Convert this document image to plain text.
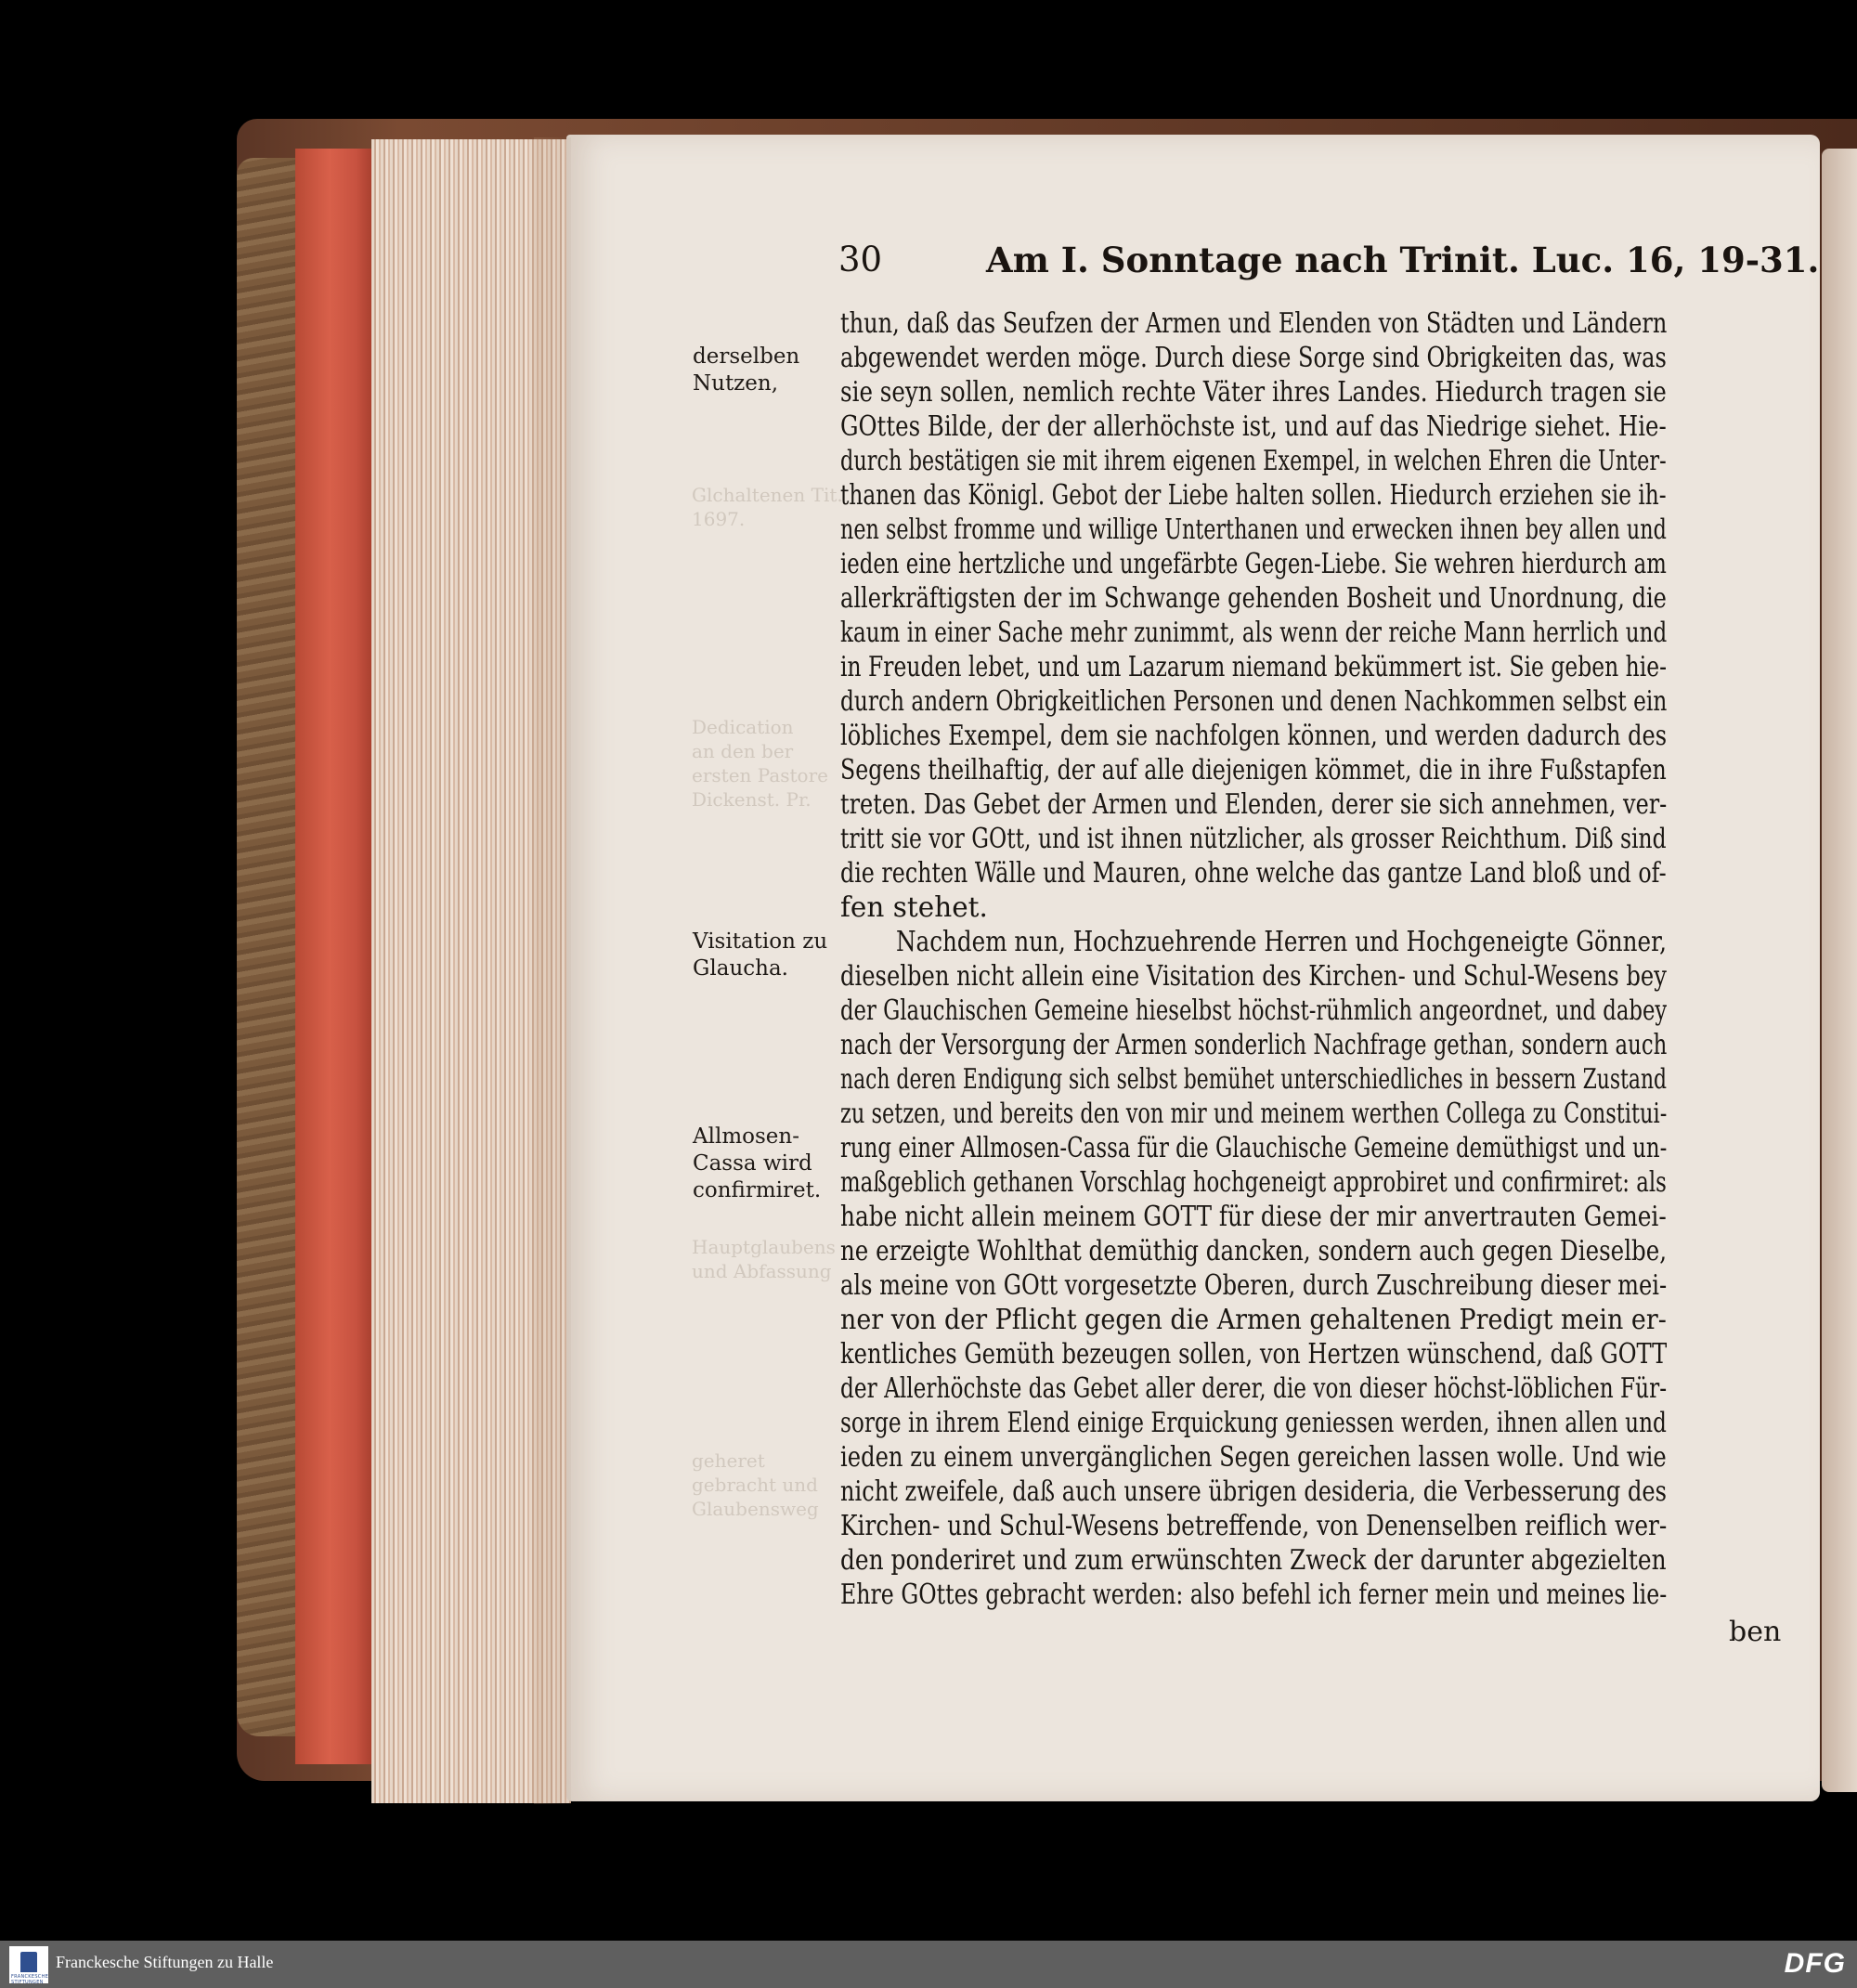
Glchaltenen Tit.
1697.
Dedication
an den ber
ersten Pastore
Dickenst. Pr.
Hauptglaubens
und Abfassung
geheret
gebracht und
Glaubensweg
30	Am I. Sonntage nach Trinit. Luc. 16, 19-31.
derselben
Nutzen,
Visitation zu
Glaucha.
Allmosen-
Cassa wird
confirmiret.
thun, daß das Seufzen der Armen und Elenden von Städten und Ländern
abgewendet werden möge. Durch diese Sorge sind Obrigkeiten das, was
sie seyn sollen, nemlich rechte Väter ihres Landes. Hiedurch tragen sie
GOttes Bilde, der der allerhöchste ist, und auf das Niedrige siehet. Hie-
durch bestätigen sie mit ihrem eigenen Exempel, in welchen Ehren die Unter-
thanen das Königl. Gebot der Liebe halten sollen. Hiedurch erziehen sie ih-
nen selbst fromme und willige Unterthanen und erwecken ihnen bey allen und
ieden eine hertzliche und ungefärbte Gegen-Liebe. Sie wehren hierdurch am
allerkräftigsten der im Schwange gehenden Bosheit und Unordnung, die
kaum in einer Sache mehr zunimmt, als wenn der reiche Mann herrlich und
in Freuden lebet, und um Lazarum niemand bekümmert ist. Sie geben hie-
durch andern Obrigkeitlichen Personen und denen Nachkommen selbst ein
löbliches Exempel, dem sie nachfolgen können, und werden dadurch des
Segens theilhaftig, der auf alle diejenigen kömmet, die in ihre Fußstapfen
treten. Das Gebet der Armen und Elenden, derer sie sich annehmen, ver-
tritt sie vor GOtt, und ist ihnen nützlicher, als grosser Reichthum. Diß sind
die rechten Wälle und Mauren, ohne welche das gantze Land bloß und of-
fen stehet.
Nachdem nun, Hochzuehrende Herren und Hochgeneigte Gönner,
dieselben nicht allein eine Visitation des Kirchen- und Schul-Wesens bey
der Glauchischen Gemeine hieselbst höchst-rühmlich angeordnet, und dabey
nach der Versorgung der Armen sonderlich Nachfrage gethan, sondern auch
nach deren Endigung sich selbst bemühet unterschiedliches in bessern Zustand
zu setzen, und bereits den von mir und meinem werthen Collega zu Constitui-
rung einer Allmosen-Cassa für die Glauchische Gemeine demüthigst und un-
maßgeblich gethanen Vorschlag hochgeneigt approbiret und confirmiret: als
habe nicht allein meinem GOTT für diese der mir anvertrauten Gemei-
ne erzeigte Wohlthat demüthig dancken, sondern auch gegen Dieselbe,
als meine von GOtt vorgesetzte Oberen, durch Zuschreibung dieser mei-
ner von der Pflicht gegen die Armen gehaltenen Predigt mein er-
kentliches Gemüth bezeugen sollen, von Hertzen wünschend, daß GOTT
der Allerhöchste das Gebet aller derer, die von dieser höchst-löblichen Für-
sorge in ihrem Elend einige Erquickung geniessen werden, ihnen allen und
ieden zu einem unvergänglichen Segen gereichen lassen wolle. Und wie
nicht zweifele, daß auch unsere übrigen desideria, die Verbesserung des
Kirchen- und Schul-Wesens betreffende, von Denenselben reiflich wer-
den ponderiret und zum erwünschten Zweck der darunter abgezielten
Ehre GOttes gebracht werden: also befehl ich ferner mein und meines lie-
ben
FRANCKESCHE STIFTUNGEN
Franckesche Stiftungen zu Halle	DFG
